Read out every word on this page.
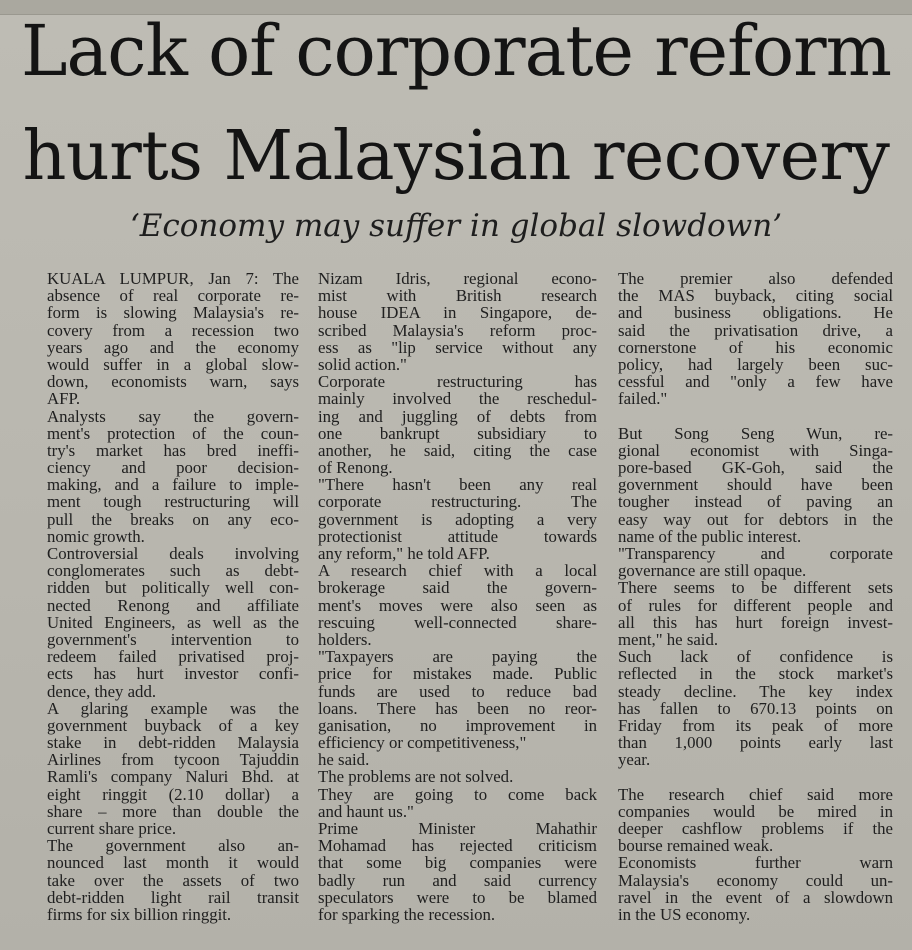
Lack of corporate reform
hurts Malaysian recovery
‘Economy may suffer in global slowdown’
KUALA LUMPUR, Jan 7: The
absence of real corporate re-
form is slowing Malaysia's re-
covery from a recession two
years ago and the economy
would suffer in a global slow-
down, economists warn, says
AFP.
Analysts say the govern-
ment's protection of the coun-
try's market has bred ineffi-
ciency and poor decision-
making, and a failure to imple-
ment tough restructuring will
pull the breaks on any eco-
nomic growth.
Controversial deals involving
conglomerates such as debt-
ridden but politically well con-
nected Renong and affiliate
United Engineers, as well as the
government's intervention to
redeem failed privatised proj-
ects has hurt investor confi-
dence, they add.
A glaring example was the
government buyback of a key
stake in debt-ridden Malaysia
Airlines from tycoon Tajuddin
Ramli's company Naluri Bhd. at
eight ringgit (2.10 dollar) a
share – more than double the
current share price.
The government also an-
nounced last month it would
take over the assets of two
debt-ridden light rail transit
firms for six billion ringgit.
Nizam Idris, regional econo-
mist with British research
house IDEA in Singapore, de-
scribed Malaysia's reform proc-
ess as "lip service without any
solid action."
Corporate restructuring has
mainly involved the reschedul-
ing and juggling of debts from
one bankrupt subsidiary to
another, he said, citing the case
of Renong.
"There hasn't been any real
corporate restructuring. The
government is adopting a very
protectionist attitude towards
any reform," he told AFP.
A research chief with a local
brokerage said the govern-
ment's moves were also seen as
rescuing well-connected share-
holders.
"Taxpayers are paying the
price for mistakes made. Public
funds are used to reduce bad
loans. There has been no reor-
ganisation, no improvement in
efficiency or competitiveness,"
he said.
The problems are not solved.
They are going to come back
and haunt us."
Prime Minister Mahathir
Mohamad has rejected criticism
that some big companies were
badly run and said currency
speculators were to be blamed
for sparking the recession.
The premier also defended
the MAS buyback, citing social
and business obligations. He
said the privatisation drive, a
cornerstone of his economic
policy, had largely been suc-
cessful and "only a few have
failed."
But Song Seng Wun, re-
gional economist with Singa-
pore-based GK-Goh, said the
government should have been
tougher instead of paving an
easy way out for debtors in the
name of the public interest.
"Transparency and corporate
governance are still opaque.
There seems to be different sets
of rules for different people and
all this has hurt foreign invest-
ment," he said.
Such lack of confidence is
reflected in the stock market's
steady decline. The key index
has fallen to 670.13 points on
Friday from its peak of more
than 1,000 points early last
year.
The research chief said more
companies would be mired in
deeper cashflow problems if the
bourse remained weak.
Economists further warn
Malaysia's economy could un-
ravel in the event of a slowdown
in the US economy.
